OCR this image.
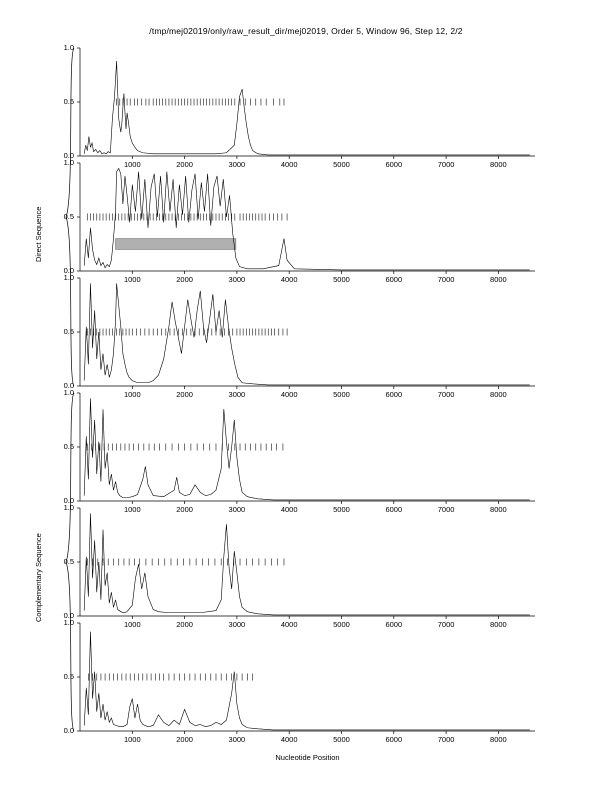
/tmp/mej02019/only/raw_result_dir/mej02019, Order 5, Window 96, Step 12, 2/2
Direct Sequence
Complementary Sequence
Nucleotide Position
0.0
0.5
1.0
1000	2000	3000	4000	5000	6000	7000	8000
0.0
0.5
1.0
1000	2000	3000	4000	5000	6000	7000	8000
0.0
0.5
1.0
1000	2000	3000	4000	5000	6000	7000	8000
0.0
0.5
1.0
1000	2000	3000	4000	5000	6000	7000	8000
0.0
0.5
1.0
1000	2000	3000	4000	5000	6000	7000	8000
0.0
0.5
1.0
1000	2000	3000	4000	5000	6000	7000	8000
